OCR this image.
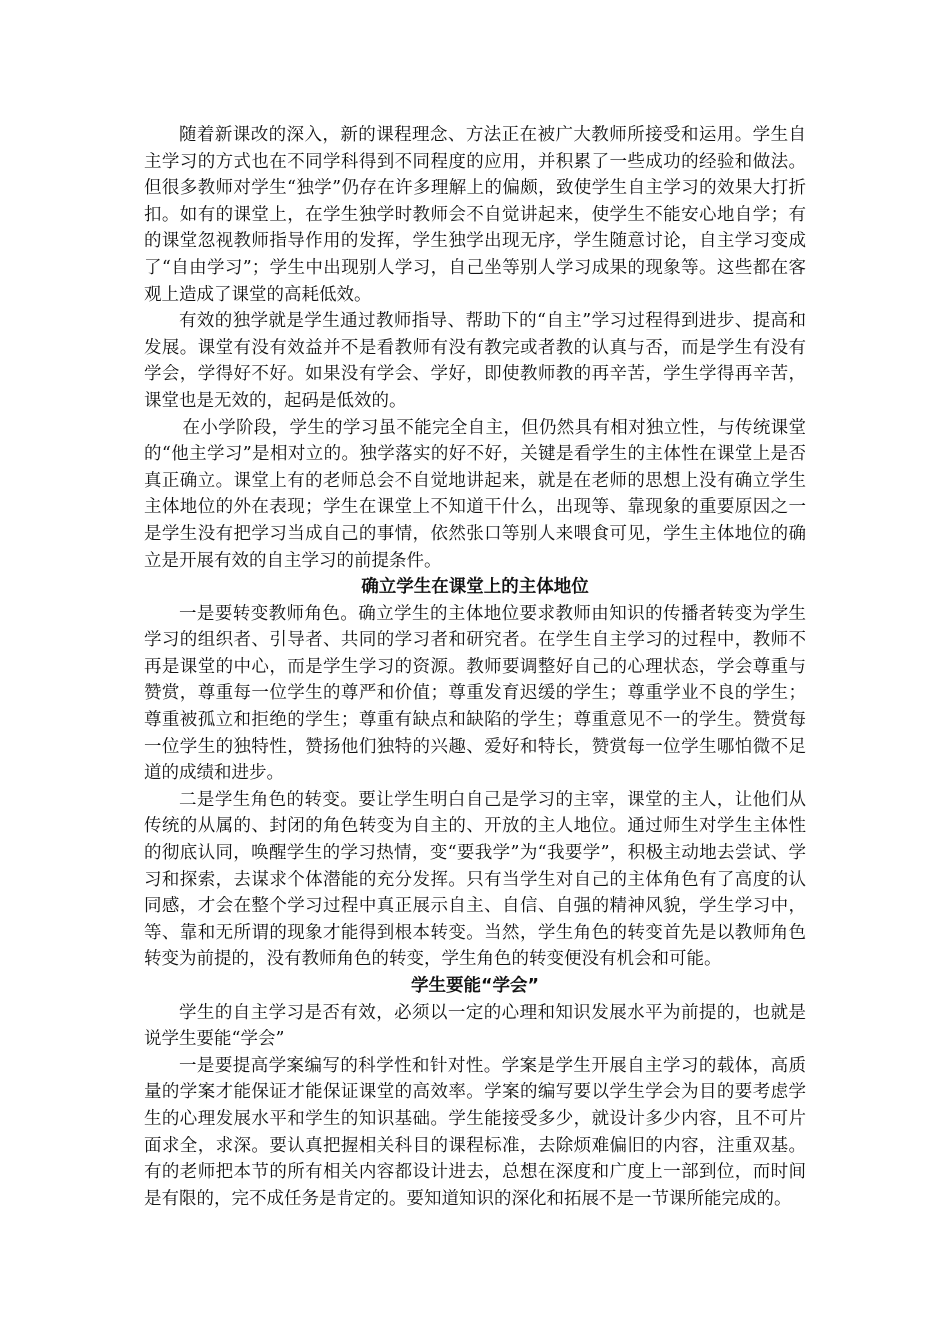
随着新课改的深入，新的课程理念、方法正在被广大教师所接受和运用。学生自主学习的方式也在不同学科得到不同程度的应用，并积累了一些成功的经验和做法。但很多教师对学生“独学”仍存在许多理解上的偏颇，致使学生自主学习的效果大打折扣。如有的课堂上，在学生独学时教师会不自觉讲起来，使学生不能安心地自学；有的课堂忽视教师指导作用的发挥，学生独学出现无序，学生随意讨论，自主学习变成了“自由学习”；学生中出现别人学习，自己坐等别人学习成果的现象等。这些都在客观上造成了课堂的高耗低效。

有效的独学就是学生通过教师指导、帮助下的“自主”学习过程得到进步、提高和发展。课堂有没有效益并不是看教师有没有教完或者教的认真与否，而是学生有没有学会，学得好不好。如果没有学会、学好，即使教师教的再辛苦，学生学得再辛苦，课堂也是无效的，起码是低效的。

在小学阶段，学生的学习虽不能完全自主，但仍然具有相对独立性，与传统课堂的“他主学习”是相对立的。独学落实的好不好，关键是看学生的主体性在课堂上是否真正确立。课堂上有的老师总会不自觉地讲起来，就是在老师的思想上没有确立学生主体地位的外在表现；学生在课堂上不知道干什么，出现等、靠现象的重要原因之一是学生没有把学习当成自己的事情，依然张口等别人来喂食可见，学生主体地位的确立是开展有效的自主学习的前提条件。

确立学生在课堂上的主体地位

一是要转变教师角色。确立学生的主体地位要求教师由知识的传播者转变为学生学习的组织者、引导者、共同的学习者和研究者。在学生自主学习的过程中，教师不再是课堂的中心，而是学生学习的资源。教师要调整好自己的心理状态，学会尊重与赞赏，尊重每一位学生的尊严和价值；尊重发育迟缓的学生；尊重学业不良的学生；尊重被孤立和拒绝的学生；尊重有缺点和缺陷的学生；尊重意见不一的学生。赞赏每一位学生的独特性，赞扬他们独特的兴趣、爱好和特长，赞赏每一位学生哪怕微不足道的成绩和进步。

二是学生角色的转变。要让学生明白自己是学习的主宰，课堂的主人，让他们从传统的从属的、封闭的角色转变为自主的、开放的主人地位。通过师生对学生主体性的彻底认同，唤醒学生的学习热情，变“要我学”为“我要学”，积极主动地去尝试、学习和探索，去谋求个体潜能的充分发挥。只有当学生对自己的主体角色有了高度的认同感，才会在整个学习过程中真正展示自主、自信、自强的精神风貌，学生学习中，等、靠和无所谓的现象才能得到根本转变。当然，学生角色的转变首先是以教师角色转变为前提的，没有教师角色的转变，学生角色的转变便没有机会和可能。

学生要能“学会”

学生的自主学习是否有效，必须以一定的心理和知识发展水平为前提的，也就是说学生要能“学会”

一是要提高学案编写的科学性和针对性。学案是学生开展自主学习的载体，高质量的学案才能保证才能保证课堂的高效率。学案的编写要以学生学会为目的要考虑学生的心理发展水平和学生的知识基础。学生能接受多少，就设计多少内容，且不可片面求全，求深。要认真把握相关科目的课程标准，去除烦难偏旧的内容，注重双基。有的老师把本节的所有相关内容都设计进去，总想在深度和广度上一部到位，而时间是有限的，完不成任务是肯定的。要知道知识的深化和拓展不是一节课所能完成的。
